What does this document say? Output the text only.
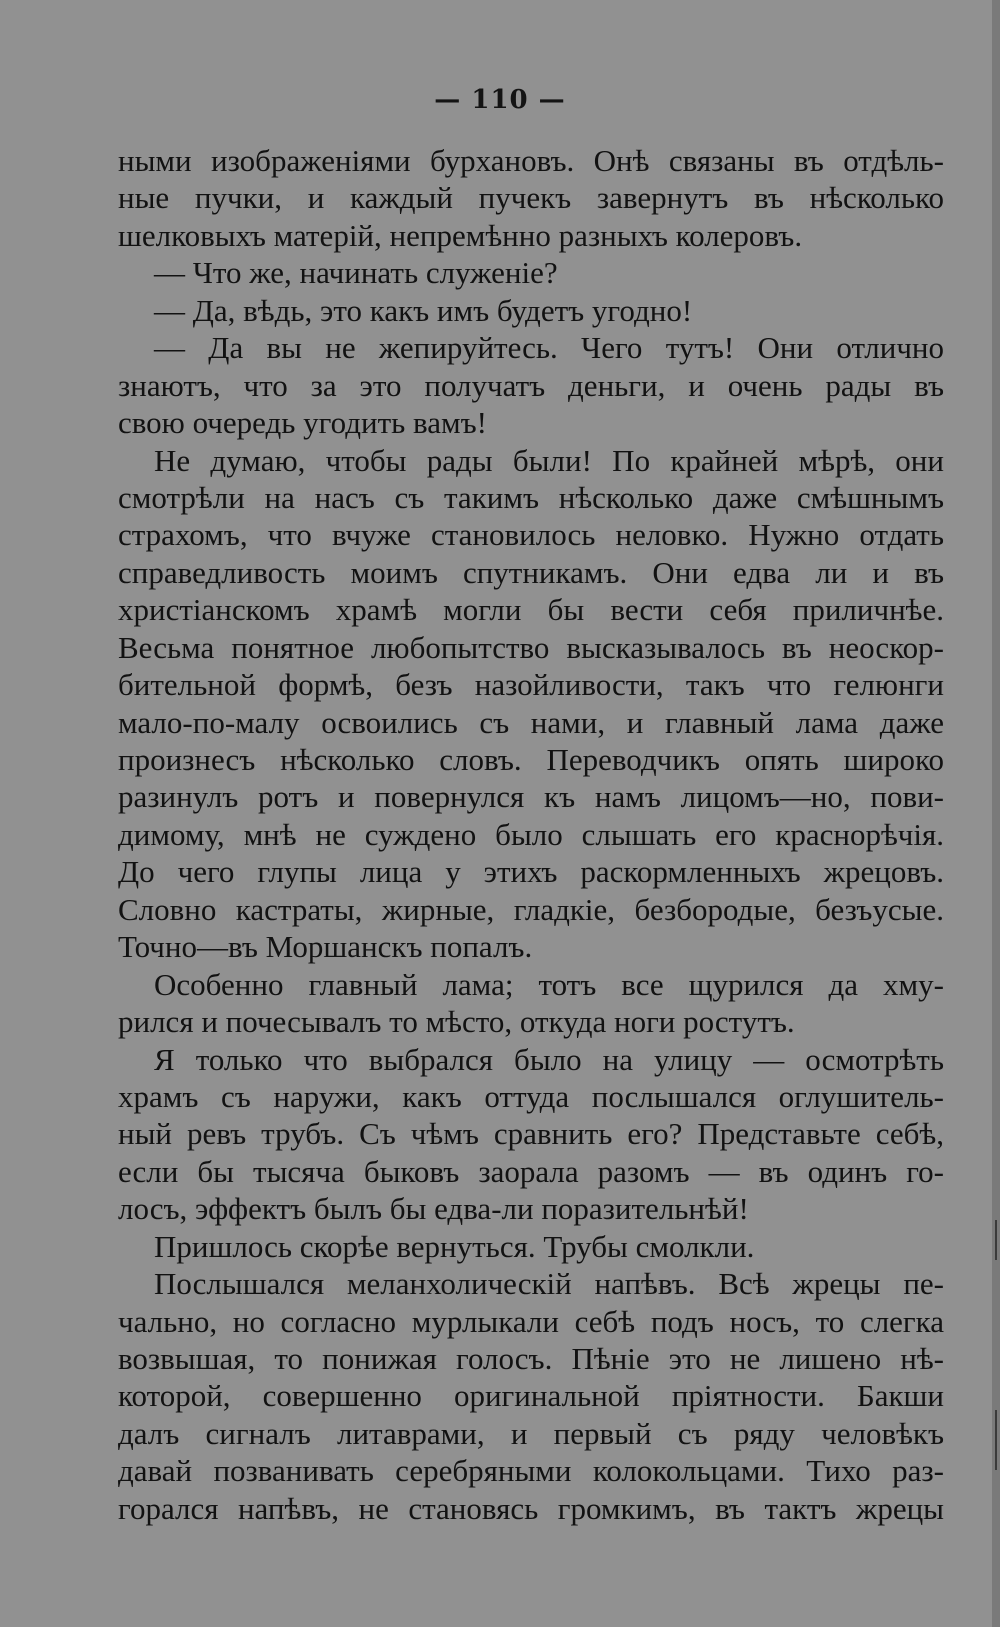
— 110 —
ными изображеніями бурхановъ. Онѣ связаны въ отдѣль-
ные пучки, и каждый пучекъ завернутъ въ нѣсколько
шелковыхъ матерій, непремѣнно разныхъ колеровъ.
— Что же, начинать служеніе?
— Да, вѣдь, это какъ имъ будетъ угодно!
— Да вы не жепируйтесь. Чего тутъ! Они отлично
знаютъ, что за это получатъ деньги, и очень рады въ
свою очередь угодить вамъ!
Не думаю, чтобы рады были! По крайней мѣрѣ, они
смотрѣли на насъ съ такимъ нѣсколько даже смѣшнымъ
страхомъ, что вчуже становилось неловко. Нужно отдать
справедливость моимъ спутникамъ. Они едва ли и въ
христіанскомъ храмѣ могли бы вести себя приличнѣе.
Весьма понятное любопытство высказывалось въ неоскор-
бительной формѣ, безъ назойливости, такъ что гелюнги
мало-по-малу освоились съ нами, и главный лама даже
произнесъ нѣсколько словъ. Переводчикъ опять широко
разинулъ ротъ и повернулся къ намъ лицомъ—но, пови-
димому, мнѣ не суждено было слышать его краснорѣчія.
До чего глупы лица у этихъ раскормленныхъ жрецовъ.
Словно кастраты, жирные, гладкіе, безбородые, безъусые.
Точно—въ Моршанскъ попалъ.
Особенно главный лама; тотъ все щурился да хму-
рился и почесывалъ то мѣсто, откуда ноги ростутъ.
Я только что выбрался было на улицу — осмотрѣть
храмъ съ наружи, какъ оттуда послышался оглушитель-
ный ревъ трубъ. Съ чѣмъ сравнить его? Представьте себѣ,
если бы тысяча быковъ заорала разомъ — въ одинъ го-
лосъ, эффектъ былъ бы едва-ли поразительнѣй!
Пришлось скорѣе вернуться. Трубы смолкли.
Послышался меланхолическій напѣвъ. Всѣ жрецы пе-
чально, но согласно мурлыкали себѣ подъ носъ, то слегка
возвышая, то понижая голосъ. Пѣніе это не лишено нѣ-
которой, совершенно оригинальной пріятности. Бакши
далъ сигналъ литаврами, и первый съ ряду человѣкъ
давай позванивать серебряными колокольцами. Тихо раз-
горался напѣвъ, не становясь громкимъ, въ тактъ жрецы
